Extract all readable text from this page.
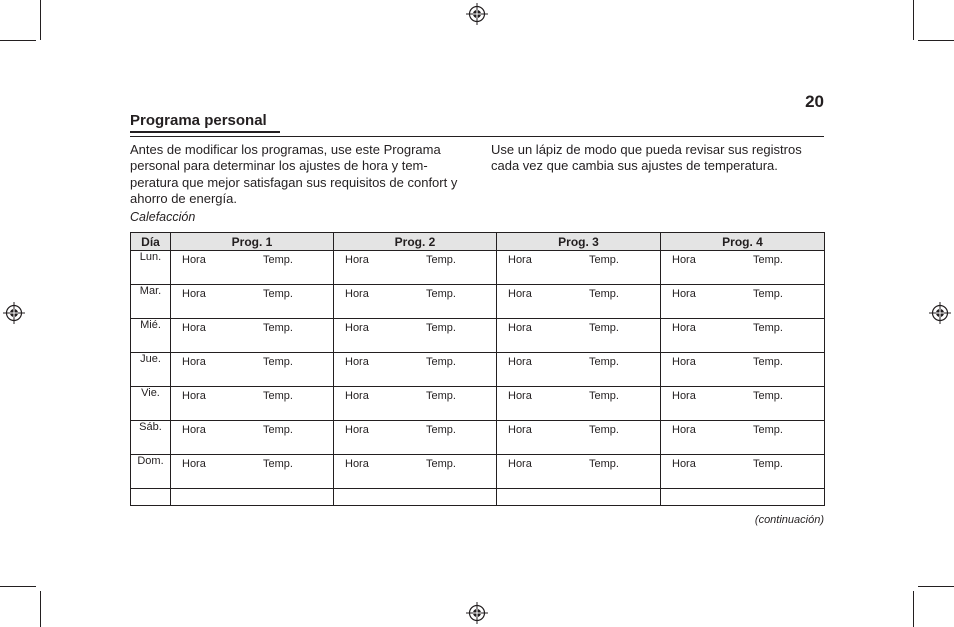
20
Programa personal
Antes de modificar los programas, use este Programa personal para determinar los ajustes de hora y tem-peratura que mejor satisfagan sus requisitos de confort y ahorro de energía.
Use un lápiz de modo que pueda revisar sus registros cada vez que cambia sus ajustes de temperatura.
Calefacción
Día	Prog. 1	Prog. 2	Prog. 3	Prog. 4
Lun.	Hora Temp.	Hora Temp.	Hora Temp.	Hora Temp.

Mar.	Hora Temp.	Hora Temp.	Hora Temp.	Hora Temp.

Mié.	Hora Temp.	Hora Temp.	Hora Temp.	Hora Temp.

Jue.	Hora Temp.	Hora Temp.	Hora Temp.	Hora Temp.

Vie.	Hora Temp.	Hora Temp.	Hora Temp.	Hora Temp.

Sáb.	Hora Temp.	Hora Temp.	Hora Temp.	Hora Temp.

Dom.	Hora Temp.	Hora Temp.	Hora Temp.	Hora Temp.

(continuación)
